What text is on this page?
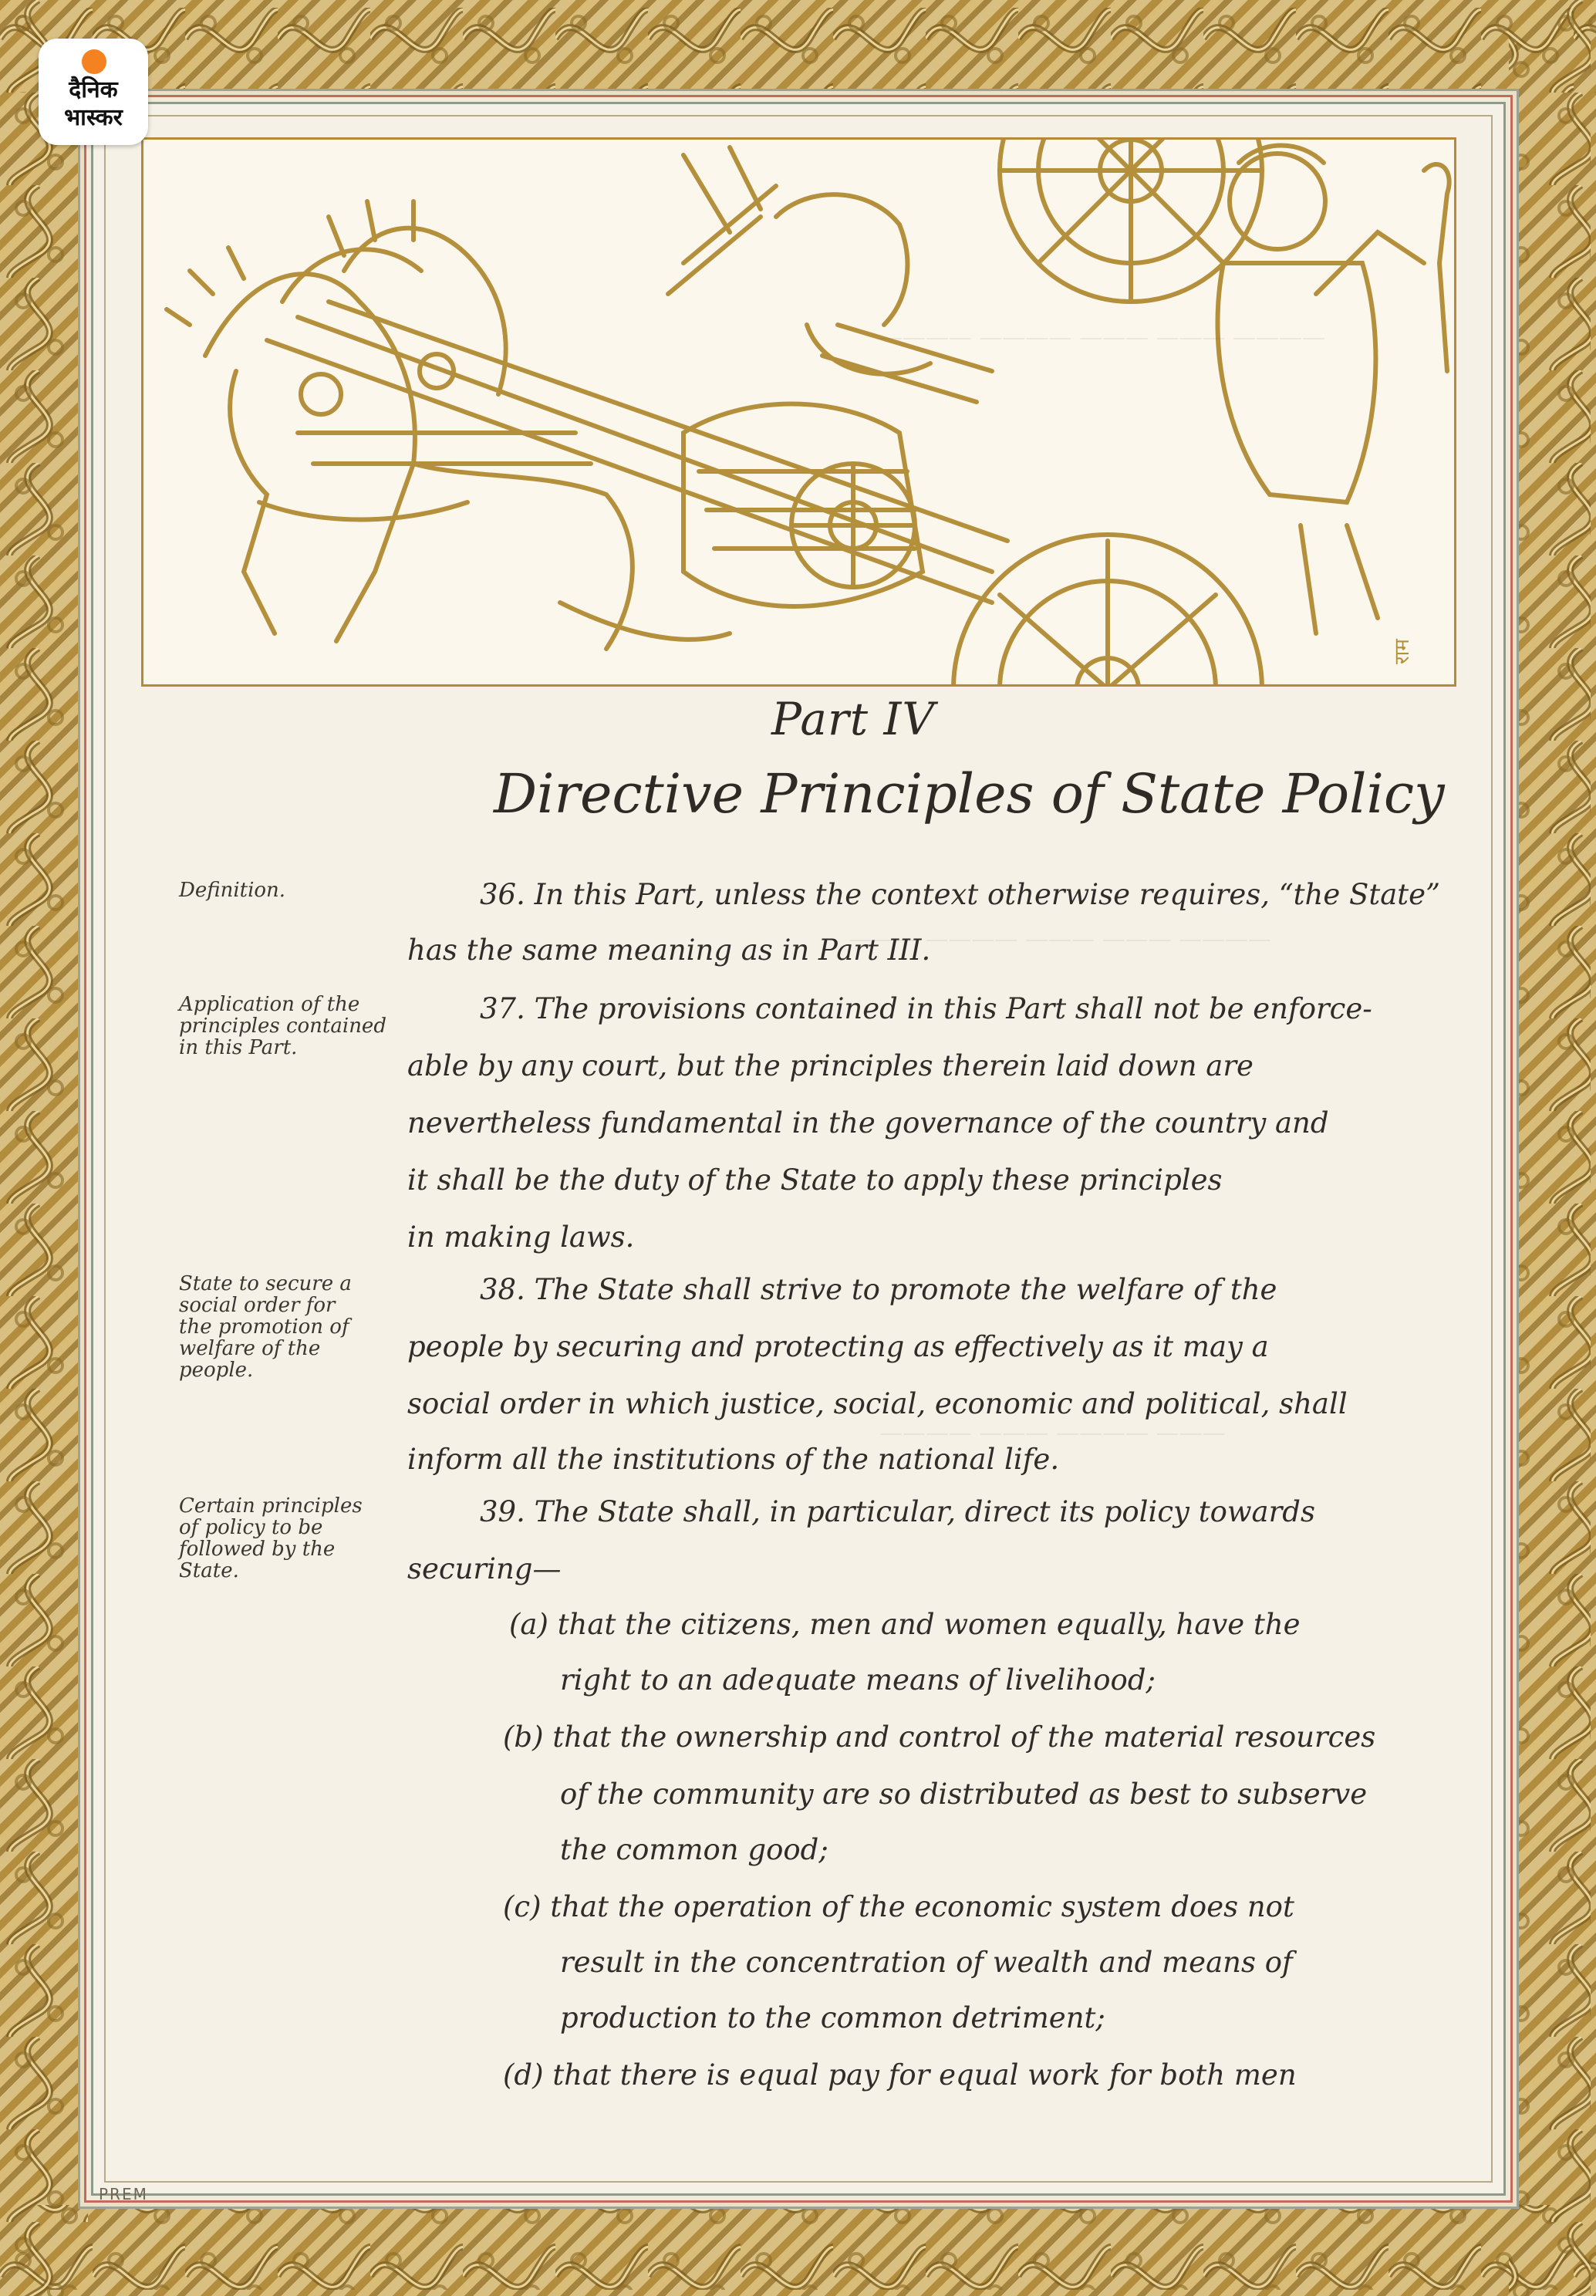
राम
दैनिक
भास्कर
———— ———— ——— ——— ————
——— ———— ——— ——— ————
———— ——— ———— ———
Part IV
Directive Principles of State Policy
Definition.
Application of the principles contained in this Part.
State to secure a social order for the promotion of welfare of the people.
Certain principles of policy to be followed by the State.
36. In this Part, unless the context otherwise requires, “the State”
has the same meaning as in Part III.
37. The provisions contained in this Part shall not be enforce-
able by any court, but the principles therein laid down are
nevertheless fundamental in the governance of the country and
it shall be the duty of the State to apply these principles
in making laws.
38. The State shall strive to promote the welfare of the
people by securing and protecting as effectively as it may a
social order in which justice, social, economic and political, shall
inform all the institutions of the national life.
39. The State shall, in particular, direct its policy towards
securing—
(a) that the citizens, men and women equally, have the
right to an adequate means of livelihood;
(b) that the ownership and control of the material resources
of the community are so distributed as best to subserve
the common good;
(c) that the operation of the economic system does not
result in the concentration of wealth and means of
production to the common detriment;
(d) that there is equal pay for equal work for both men
PREM
